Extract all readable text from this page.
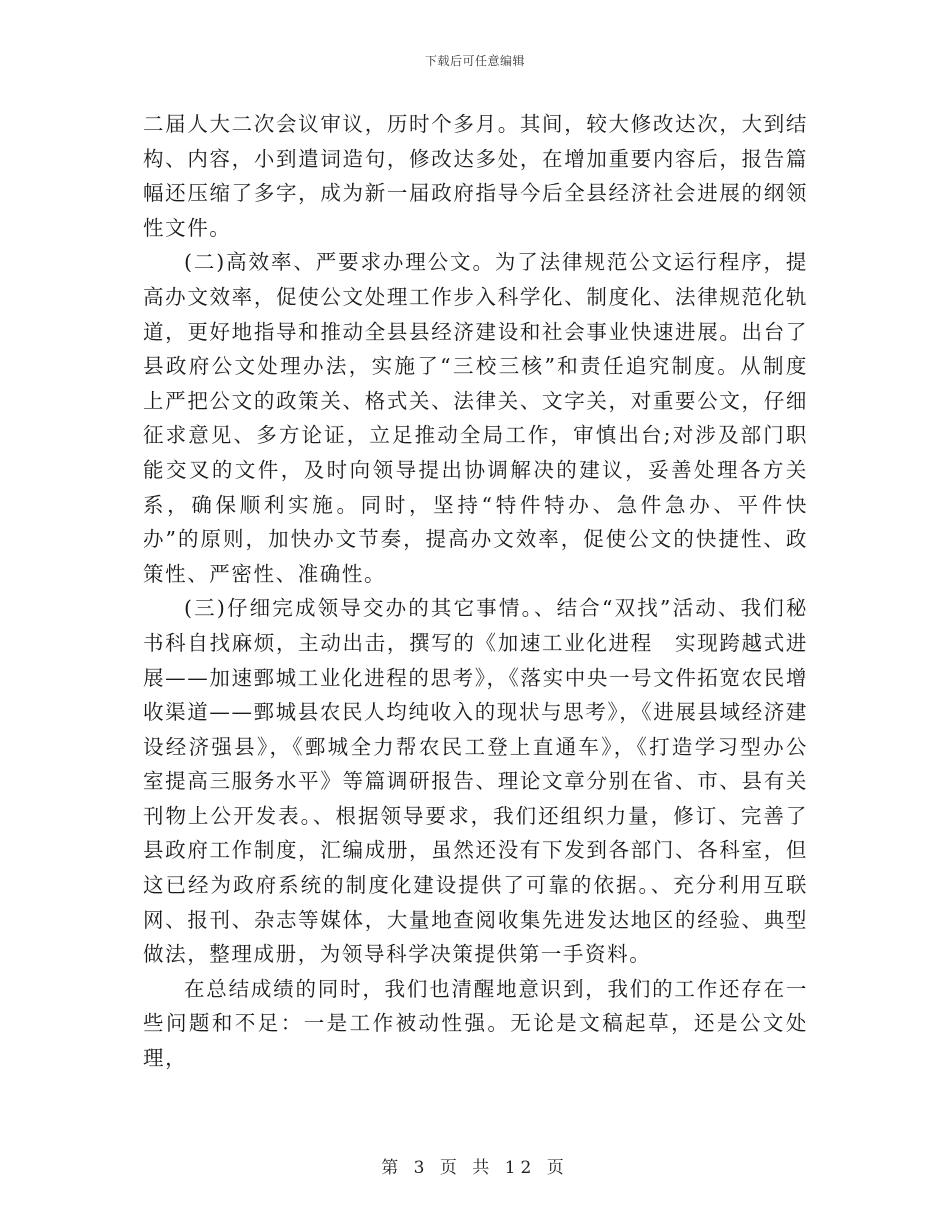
下载后可任意编辑

二届人大二次会议审议，历时个多月。其间，较大修改达次，大到结构、内容，小到遣词造句，修改达多处，在增加重要内容后，报告篇幅还压缩了多字，成为新一届政府指导今后全县经济社会进展的纲领性文件。

(二)高效率、严要求办理公文。为了法律规范公文运行程序，提高办文效率，促使公文处理工作步入科学化、制度化、法律规范化轨道，更好地指导和推动全县县经济建设和社会事业快速进展。出台了县政府公文处理办法，实施了“三校三核”和责任追究制度。从制度上严把公文的政策关、格式关、法律关、文字关，对重要公文，仔细征求意见、多方论证，立足推动全局工作，审慎出台;对涉及部门职能交叉的文件，及时向领导提出协调解决的建议，妥善处理各方关系，确保顺利实施。同时，坚持“特件特办、急件急办、平件快办”的原则，加快办文节奏，提高办文效率，促使公文的快捷性、政策性、严密性、准确性。

(三)仔细完成领导交办的其它事情。、结合“双找”活动、我们秘书科自找麻烦，主动出击，撰写的《加速工业化进程　实现跨越式进展——加速鄄城工业化进程的思考》，《落实中央一号文件拓宽农民增收渠道——鄄城县农民人均纯收入的现状与思考》，《进展县域经济建设经济强县》，《鄄城全力帮农民工登上直通车》，《打造学习型办公室提高三服务水平》等篇调研报告、理论文章分别在省、市、县有关刊物上公开发表。、根据领导要求，我们还组织力量，修订、完善了县政府工作制度，汇编成册，虽然还没有下发到各部门、各科室，但这已经为政府系统的制度化建设提供了可靠的依据。、充分利用互联网、报刊、杂志等媒体，大量地查阅收集先进发达地区的经验、典型做法，整理成册，为领导科学决策提供第一手资料。

在总结成绩的同时，我们也清醒地意识到，我们的工作还存在一些问题和不足：一是工作被动性强。无论是文稿起草，还是公文处理，

第 3 页 共 12 页
